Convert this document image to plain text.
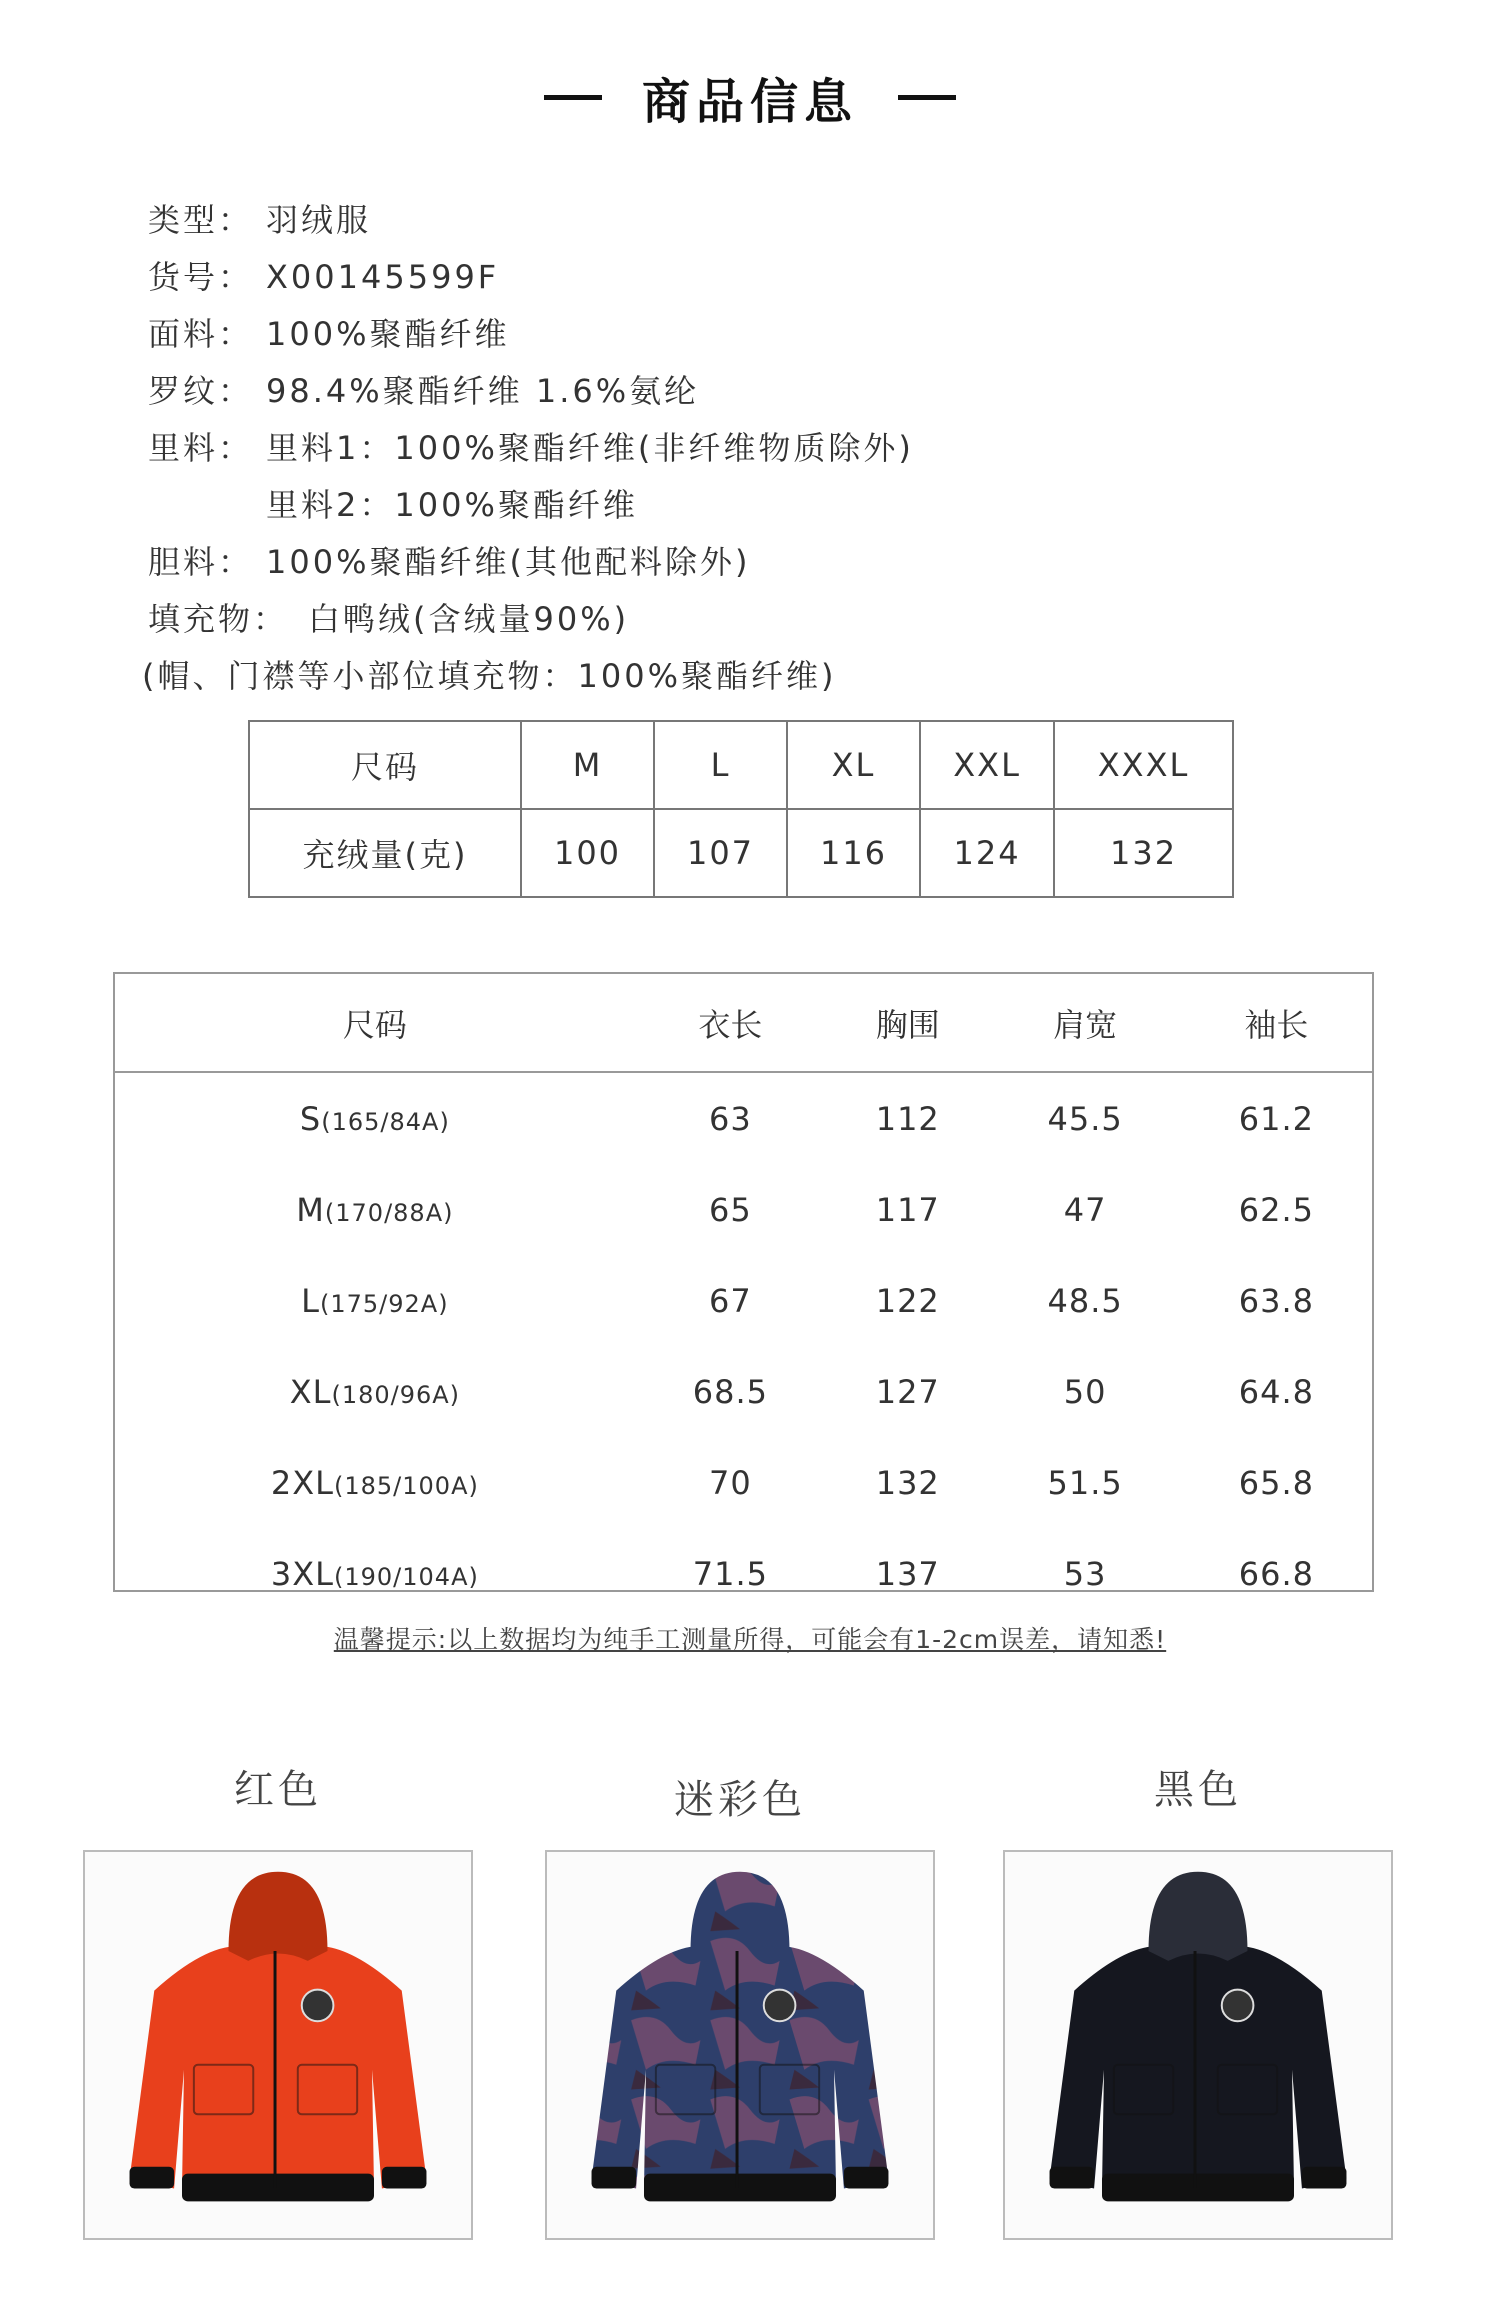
商品信息
类型： 羽绒服
货号： X00145599F
面料： 100%聚酯纤维
罗纹： 98.4%聚酯纤维 1.6%氨纶
里料： 里料1：100%聚酯纤维(非纤维物质除外)
里料2：100%聚酯纤维
胆料： 100%聚酯纤维(其他配料除外)
填充物： 白鸭绒(含绒量90%)
(帽、门襟等小部位填充物：100%聚酯纤维)
尺码	M	L	XL	XXL	XXXL
充绒量(克)	100	107	116	124	132
尺码	衣长	胸围	肩宽	袖长
S(165/84A)	63	112	45.5	61.2
M(170/88A)	65	117	47	62.5
L(175/92A)	67	122	48.5	63.8
XL(180/96A)	68.5	127	50	64.8
2XL(185/100A)	70	132	51.5	65.8
3XL(190/104A)	71.5	137	53	66.8
温馨提示:以上数据均为纯手工测量所得，可能会有1-2cm误差，请知悉!
红色	迷彩色	黑色
